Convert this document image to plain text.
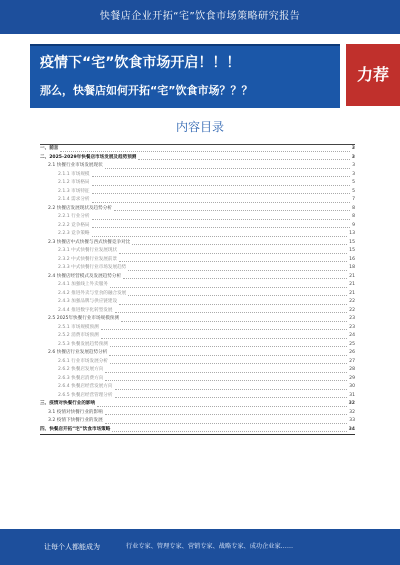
快餐店企业开拓“宅”饮食市场策略研究报告
疫情下“宅”饮食市场开启！！！
那么，快餐店如何开拓“宅”饮食市场？？？
力荐
内容目录
一、前言	3
二、2025-2029年快餐店市场发展及趋势预测	3
2.1 快餐行业市场发展现状	3
2.1.1 市场规模	3
2.1.2 市场格局	5
2.1.3 市场特征	5
2.1.4 需求分析	7
2.2 快餐店发展现状及趋势分析	8
2.2.1 行业分析	8
2.2.2 竞争格局	9
2.2.3 竞争策略	13
2.3 快餐店中式快餐与西式快餐竞争对比	15
2.3.1 中式快餐行业发展现状	15
2.3.2 中式快餐行业发展前景	16
2.3.3 中式快餐行业市场发展趋势	18
2.4 快餐店经营模式及发展趋势分析	21
2.4.1 加强线上外卖服务	21
2.4.2 推进外卖与堂食的融合发展	21
2.4.3 加强品牌与供应链建设	22
2.4.4 推进数字化转型发展	22
2.5 2025年快餐行业市场规模预测	23
2.5.1 市场规模预测	23
2.5.2 消费市场预测	24
2.5.3 快餐发展趋势预测	25
2.6 快餐店行业发展趋势分析	26
2.6.1 行业市场发展分析	27
2.6.2 快餐店发展方向	28
2.6.3 快餐店消费方向	29
2.6.4 快餐店经营发展方向	30
2.6.5 快餐店经营管理分析	31
三、疫情对快餐行业的影响	32
3.1 疫情对快餐行业的影响	32
3.2 疫情下快餐行业的发展	33
四、快餐店开拓“宅”饮食市场策略	34
让每个人都能成为	行业专家、管理专家、营销专家、战略专家、成功企业家……
